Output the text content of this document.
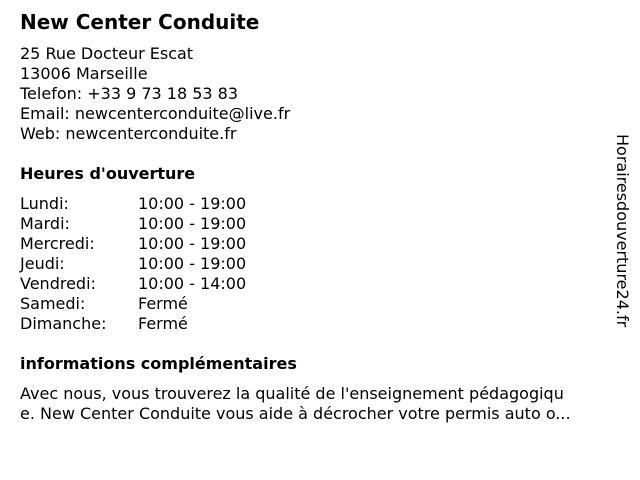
New Center Conduite
25 Rue Docteur Escat
13006 Marseille
Telefon: +33 9 73 18 53 83
Email: newcenterconduite@live.fr
Web: newcenterconduite.fr
Heures d'ouverture
Lundi:	10:00 - 19:00
Mardi:	10:00 - 19:00
Mercredi:	10:00 - 19:00
Jeudi:	10:00 - 19:00
Vendredi:	10:00 - 14:00
Samedi:	Fermé
Dimanche:	Fermé
informations complémentaires
Avec nous, vous trouverez la qualité de l'enseignement pédagogiqu
e. New Center Conduite vous aide à décrocher votre permis auto o...
Horairesdouverture24.fr
